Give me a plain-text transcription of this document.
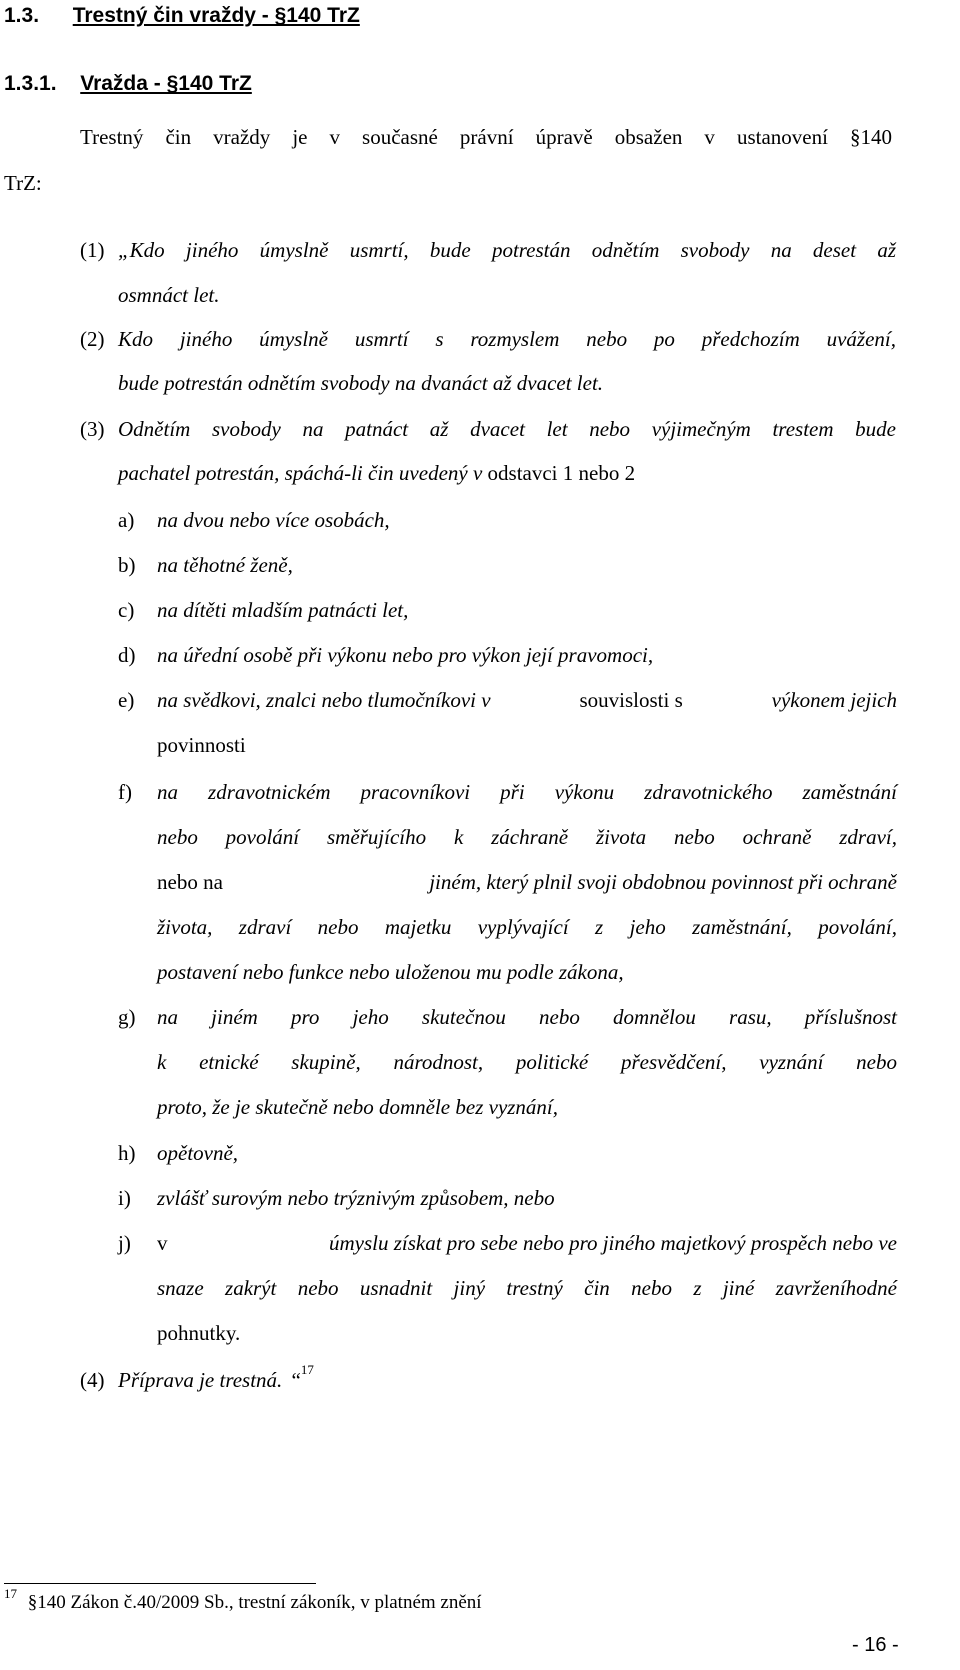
1.3. Trestný čin vraždy - §140 TrZ
1.3.1. Vražda - §140 TrZ
Trestný čin vraždy je v současné právní úpravě obsažen v ustanovení §140
TrZ:
(1) „Kdo jiného úmyslně usmrtí, bude potrestán odnětím svobody na deset až
osmnáct let.
(2) Kdo jiného úmyslně usmrtí s rozmyslem nebo po předchozím uvážení,
bude potrestán odnětím svobody na dvanáct až dvacet let.
(3) Odnětím svobody na patnáct až dvacet let nebo výjimečným trestem bude
pachatel potrestán, spáchá-li čin uvedený v odstavci 1 nebo 2
a) na dvou nebo více osobách,
b) na těhotné ženě,
c) na dítěti mladším patnácti let,
d) na úřední osobě při výkonu nebo pro výkon její pravomoci,
e) na svědkovi, znalci nebo tlumočníkovi v	souvislosti s	výkonem jejich
povinnosti
f) na zdravotnickém pracovníkovi při výkonu zdravotnického zaměstnání
nebo povolání směřujícího k záchraně života nebo ochraně zdraví,
nebo na	jiném, který plnil svoji obdobnou povinnost při ochraně
života, zdraví nebo majetku vyplývající z jeho zaměstnání, povolání,
postavení nebo funkce nebo uloženou mu podle zákona,
g) na jiném pro jeho skutečnou nebo domnělou rasu, příslušnost
k etnické skupině, národnost, politické přesvědčení, vyznání nebo
proto, že je skutečně nebo domněle bez vyznání,
h) opětovně,
i) zvlášť surovým nebo trýznivým způsobem, nebo
j) v	úmyslu získat pro sebe nebo pro jiného majetkový prospěch nebo ve
snaze zakrýt nebo usnadnit jiný trestný čin nebo z jiné zavrženíhodné
pohnutky.
(4) Příprava je trestná. “$^{17}$
$^{17}$ §140 Zákon č.40/2009 Sb., trestní zákoník, v platném znění
- 16 -
